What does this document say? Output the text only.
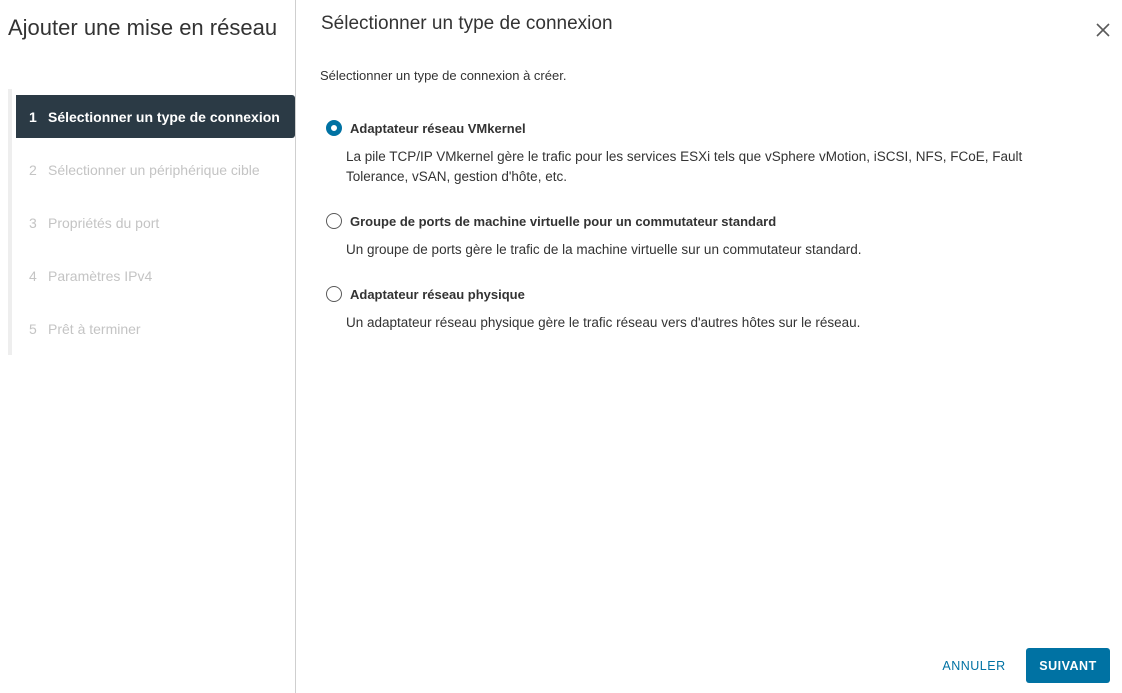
Ajouter une mise en réseau
1 Sélectionner un type de connexion
2 Sélectionner un périphérique cible
3 Propriétés du port
4 Paramètres IPv4
5 Prêt à terminer
Sélectionner un type de connexion

Sélectionner un type de connexion à créer.

Adaptateur réseau VMkernel

La pile TCP/IP VMkernel gère le trafic pour les services ESXi tels que vSphere vMotion, iSCSI, NFS, FCoE, Fault Tolerance, vSAN, gestion d'hôte, etc.

Groupe de ports de machine virtuelle pour un commutateur standard

Un groupe de ports gère le trafic de la machine virtuelle sur un commutateur standard.

Adaptateur réseau physique

Un adaptateur réseau physique gère le trafic réseau vers d'autres hôtes sur le réseau.

ANNULER	SUIVANT
